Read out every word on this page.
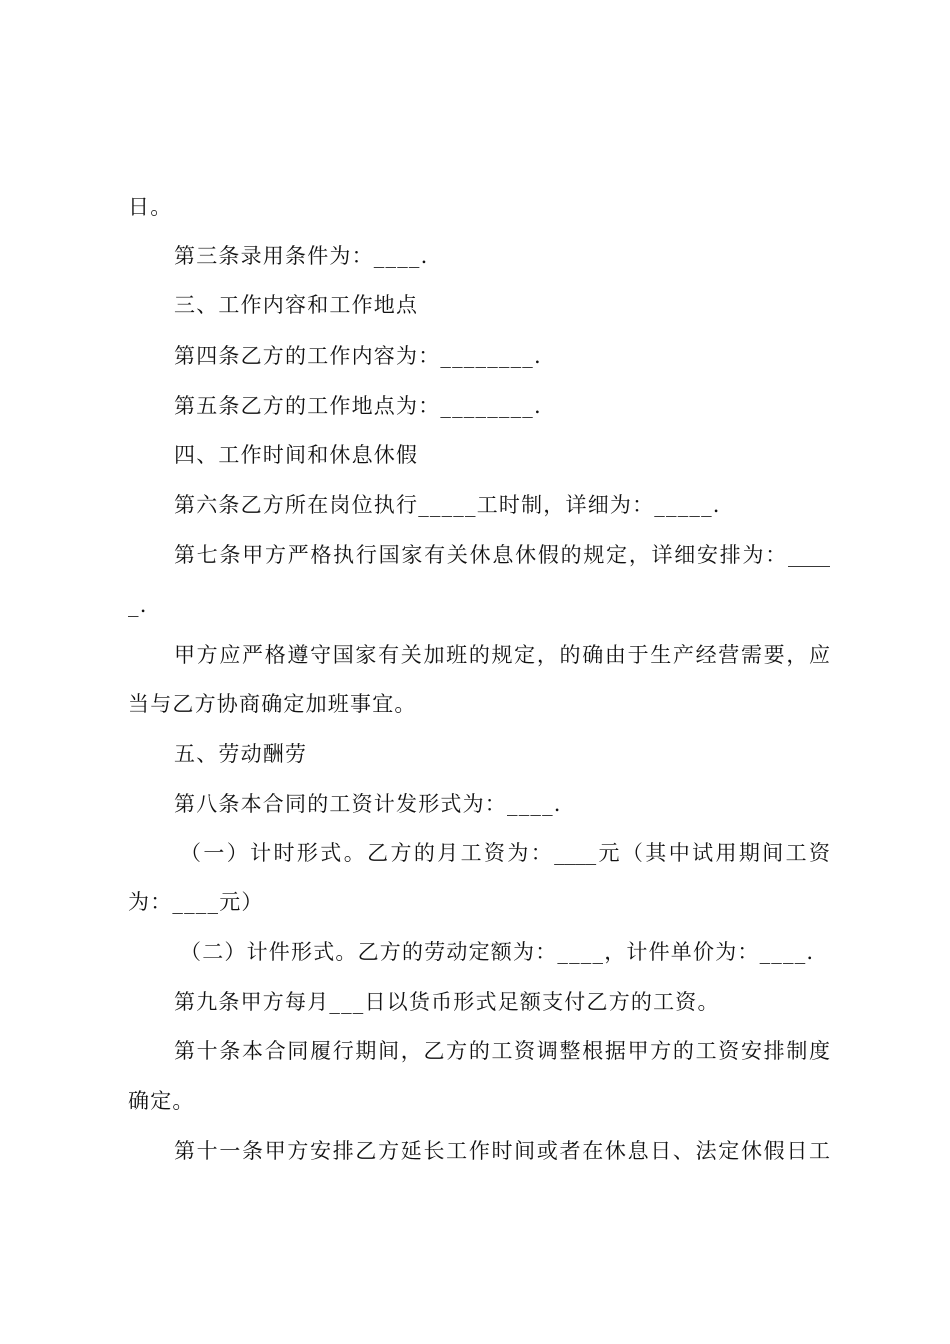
日。
第三条录用条件为：____.
三、工作内容和工作地点
第四条乙方的工作内容为：________.
第五条乙方的工作地点为：________.
四、工作时间和休息休假
第六条乙方所在岗位执行_____工时制，详细为：_____.
第七条甲方严格执行国家有关休息休假的规定，详细安排为：____
_.
甲方应严格遵守国家有关加班的规定，的确由于生产经营需要，应
当与乙方协商确定加班事宜。
五、劳动酬劳
第八条本合同的工资计发形式为：____.
（一）计时形式。乙方的月工资为：____元（其中试用期间工资
为：____元）
（二）计件形式。乙方的劳动定额为：____，计件单价为：____.
第九条甲方每月___日以货币形式足额支付乙方的工资。
第十条本合同履行期间，乙方的工资调整根据甲方的工资安排制度
确定。
第十一条甲方安排乙方延长工作时间或者在休息日、法定休假日工
